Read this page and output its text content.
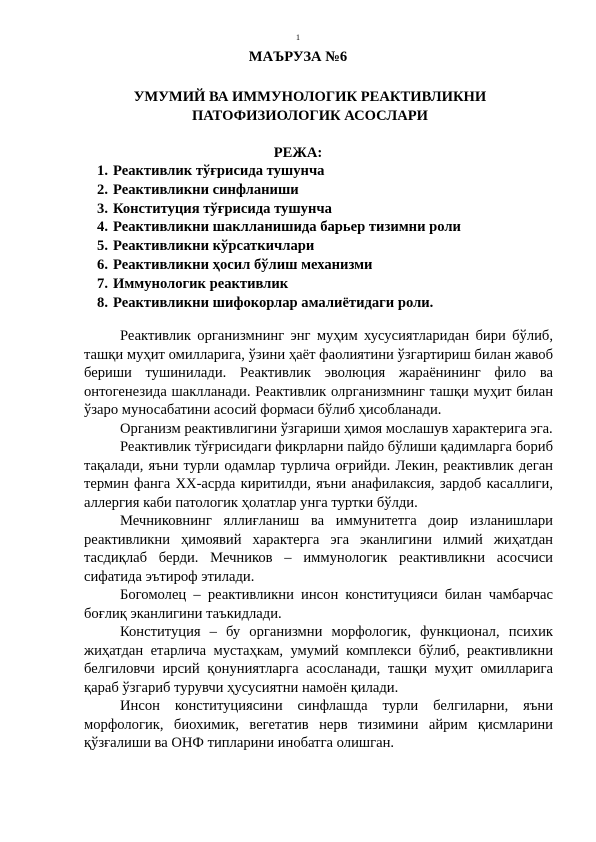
1
МАЪРУЗА №6
УМУМИЙ ВА ИММУНОЛОГИК РЕАКТИВЛИКНИ ПАТОФИЗИОЛОГИК АСОСЛАРИ
РЕЖА:
1. Реактивлик тўғрисида тушунча
2. Реактивликни синфланиши
3. Конституция тўғрисида тушунча
4. Реактивликни шаклланишида барьер тизимни роли
5. Реактивликни кўрсаткичлари
6. Реактивликни ҳосил бўлиш механизми
7. Иммунологик реактивлик
8. Реактивликни шифокорлар амалиётидаги роли.

Реактивлик организмнинг энг муҳим хусусиятларидан бири бўлиб, ташқи муҳит омилларига, ўзини ҳаёт фаолиятини ўзгартириш билан жавоб бериши тушинилади. Реактивлик эволюция жараёнининг фило ва онтогенезида шаклланади. Реактивлик олрганизмнинг ташқи муҳит билан ўзаро муносабатини асосий формаси бўлиб ҳисобланади.

Организм реактивлигини ўзгариши ҳимоя мослашув характерига эга.

Реактивлик тўғрисидаги фикрларни пайдо бўлиши қадимларга бориб тақалади, яъни турли одамлар турлича оғрийди. Лекин, реактивлик деган термин фанга XX-асрда киритилди, яъни анафилаксия, зардоб касаллиги, аллергия каби патологик ҳолатлар унга туртки бўлди.

Мечниковнинг яллиғланиш ва иммунитетга доир изланишлари реактивликни ҳимоявий характерга эга эканлигини илмий жиҳатдан тасдиқлаб берди. Мечников – иммунологик реактивликни асосчиси сифатида эътироф этилади.

Богомолец – реактивликни инсон конституцияси билан чамбарчас боғлиқ эканлигини таъкидлади.

Конституция – бу организмни морфологик, функционал, психик жиҳатдан етарлича мустаҳкам, умумий комплекси бўлиб, реактивликни белгиловчи ирсий қонуниятларга асосланади, ташқи муҳит омилларига қараб ўзгариб турувчи ҳусусиятни намоён қилади.

Инсон конституциясини синфлашда турли белгиларни, яъни морфологик, биохимик, вегетатив нерв тизимини айрим қисмларини қўзғалиши ва ОНФ типларини инобатга олишган.
